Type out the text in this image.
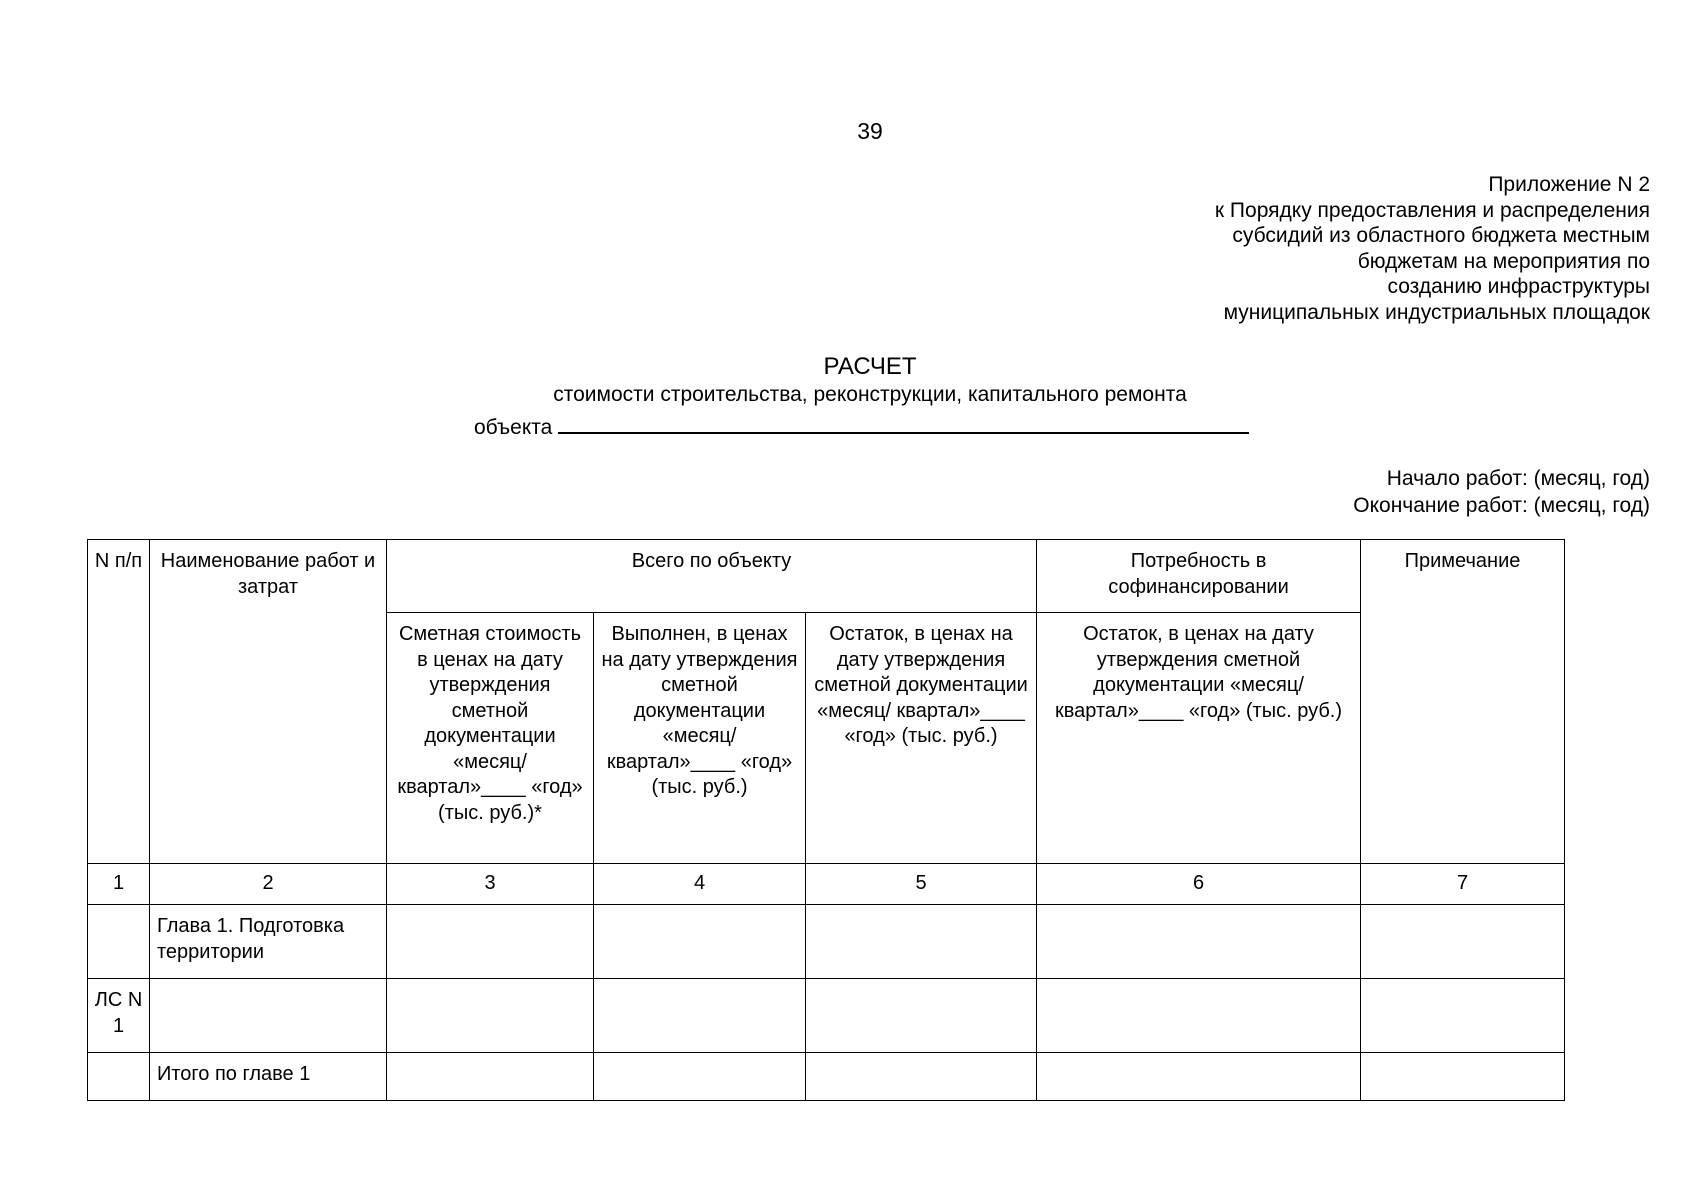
39
Приложение N 2
к Порядку предоставления и распределения
субсидий из областного бюджета местным
бюджетам на мероприятия по
созданию инфраструктуры
муниципальных индустриальных площадок
РАСЧЕТ
стоимости строительства, реконструкции, капитального ремонта
объекта
Начало работ: (месяц, год)
Окончание работ: (месяц, год)
N п/п	Наименование работ и затрат	Всего по объекту			Потребность в софинансировании	Примечание
		Сметная стоимость в ценах на дату утверждения сметной документации «месяц/ квартал»____ «год» (тыс. руб.)*	Выполнен, в ценах на дату утверждения сметной документации «месяц/ квартал»____ «год» (тыс. руб.)	Остаток, в ценах на дату утверждения сметной документации «месяц/ квартал»____ «год» (тыс. руб.)	Остаток, в ценах на дату утверждения сметной документации «месяц/квартал»____ «год» (тыс. руб.)	
1	2	3	4	5	6	7
	Глава 1. Подготовка территории					
ЛС N 1						
	Итого по главе 1					
